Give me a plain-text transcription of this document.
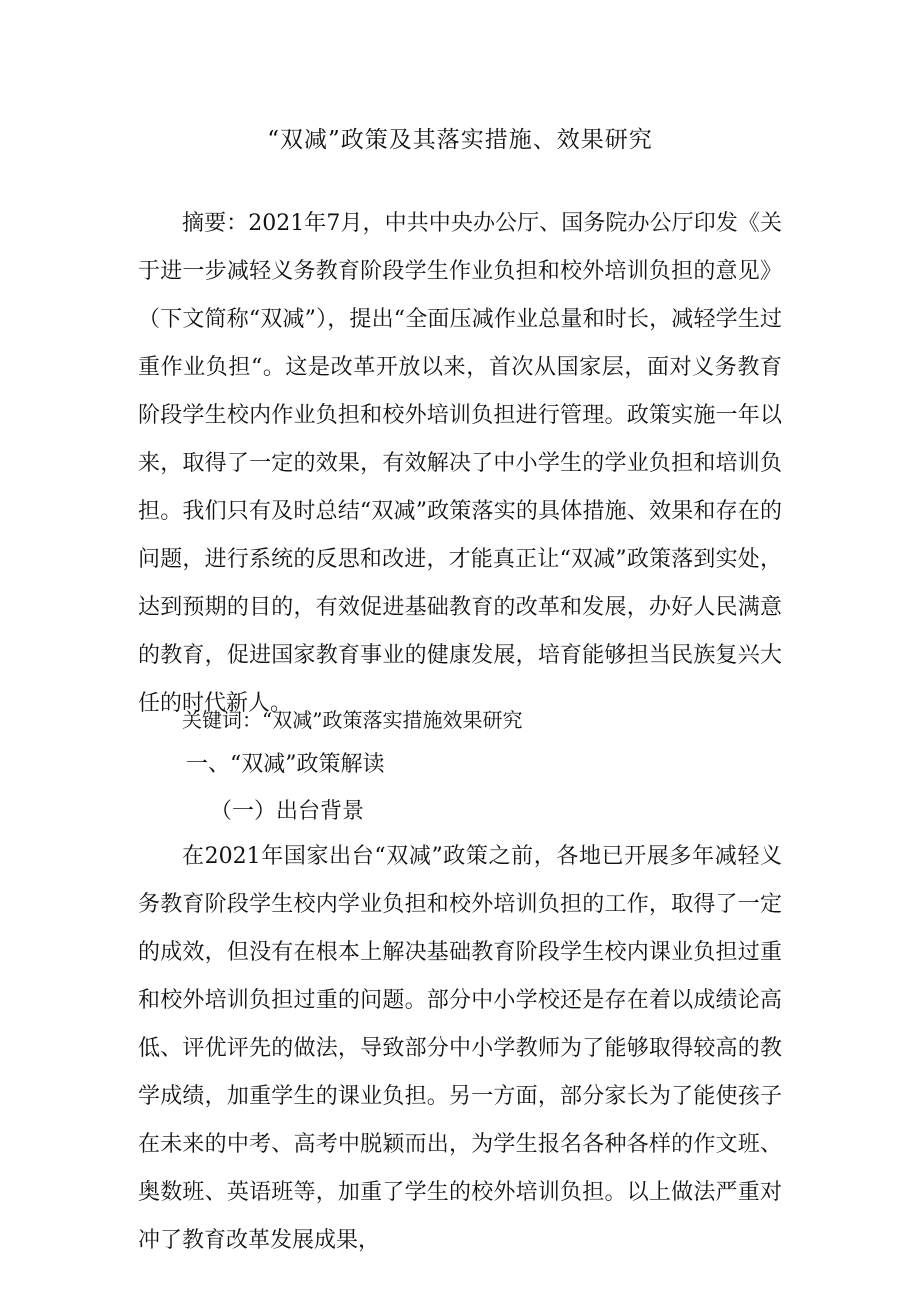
“双减”政策及其落实措施、效果研究

摘要：2021年7月，中共中央办公厅、国务院办公厅印发《关于进一步减轻义务教育阶段学生作业负担和校外培训负担的意见》（下文简称“双减”），提出“全面压减作业总量和时长，减轻学生过重作业负担“。这是改革开放以来，首次从国家层，面对义务教育阶段学生校内作业负担和校外培训负担进行管理。政策实施一年以来，取得了一定的效果，有效解决了中小学生的学业负担和培训负担。我们只有及时总结“双减”政策落实的具体措施、效果和存在的问题，进行系统的反思和改进，才能真正让“双减”政策落到实处，达到预期的目的，有效促进基础教育的改革和发展，办好人民满意的教育，促进国家教育事业的健康发展，培育能够担当民族复兴大任的时代新人。

关键词：“双减”政策落实措施效果研究
一、“双减”政策解读
（一）出台背景

在2021年国家出台“双减”政策之前，各地已开展多年减轻义务教育阶段学生校内学业负担和校外培训负担的工作，取得了一定的成效，但没有在根本上解决基础教育阶段学生校内课业负担过重和校外培训负担过重的问题。部分中小学校还是存在着以成绩论高低、评优评先的做法，导致部分中小学教师为了能够取得较高的教学成绩，加重学生的课业负担。另一方面，部分家长为了能使孩子在未来的中考、高考中脱颖而出，为学生报名各种各样的作文班、奥数班、英语班等，加重了学生的校外培训负担。以上做法严重对冲了教育改革发展成果，
